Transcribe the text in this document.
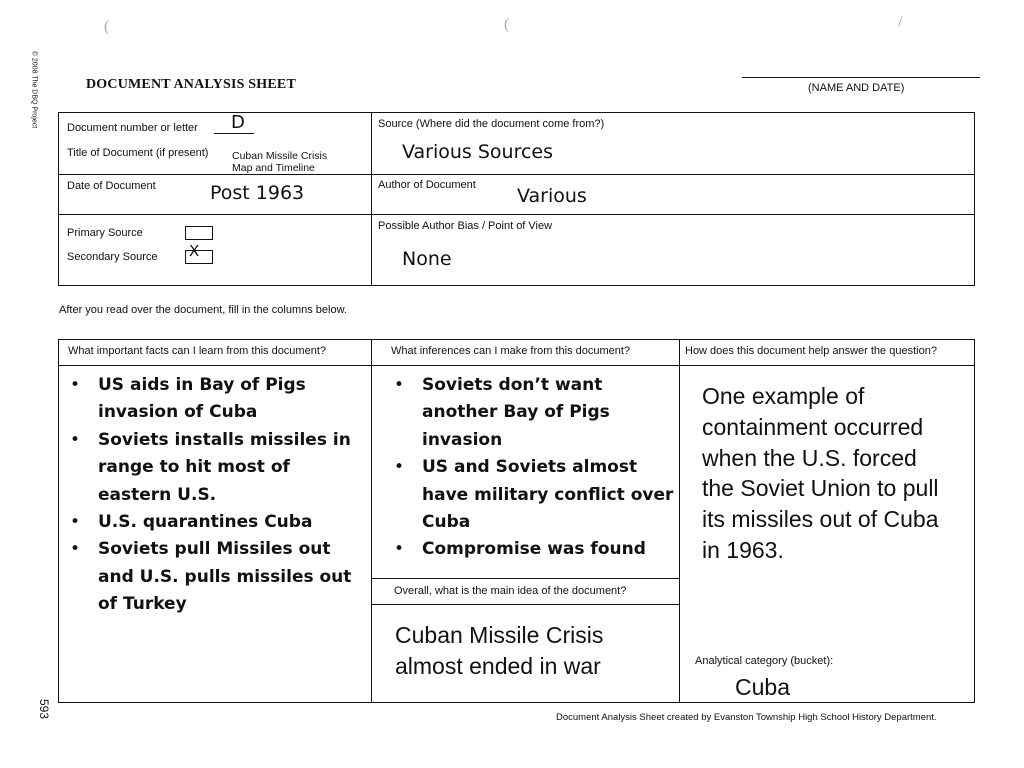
(	(	/
© 2008 The DBQ Project
593
DOCUMENT ANALYSIS SHEET	(NAME AND DATE)
Document number or letter D
Title of Document (if present) Cuban Missile Crisis
Map and Timeline
Source (Where did the document come from?)
Various Sources
Date of Document	Post 1963	Author of Document Various
Primary Source
Secondary Source X
Possible Author Bias / Point of View
None
After you read over the document, fill in the columns below.
What important facts can I learn from this document?	What inferences can I make from this document?	How does this document help answer the question?
• US aids in Bay of Pigs invasion of Cuba
• Soviets installs missiles in range to hit most of eastern U.S.
• U.S. quarantines Cuba
• Soviets pull Missiles out and U.S. pulls missiles out of Turkey
• Soviets don’t want another Bay of Pigs invasion
• US and Soviets almost have military conflict over Cuba
• Compromise was found
One example of containment occurred when the U.S. forced the Soviet Union to pull its missiles out of Cuba in 1963.
Overall, what is the main idea of the document?
Cuban Missile Crisis almost ended in war	Analytical category (bucket):
Cuba
Document Analysis Sheet created by Evanston Township High School History Department.
